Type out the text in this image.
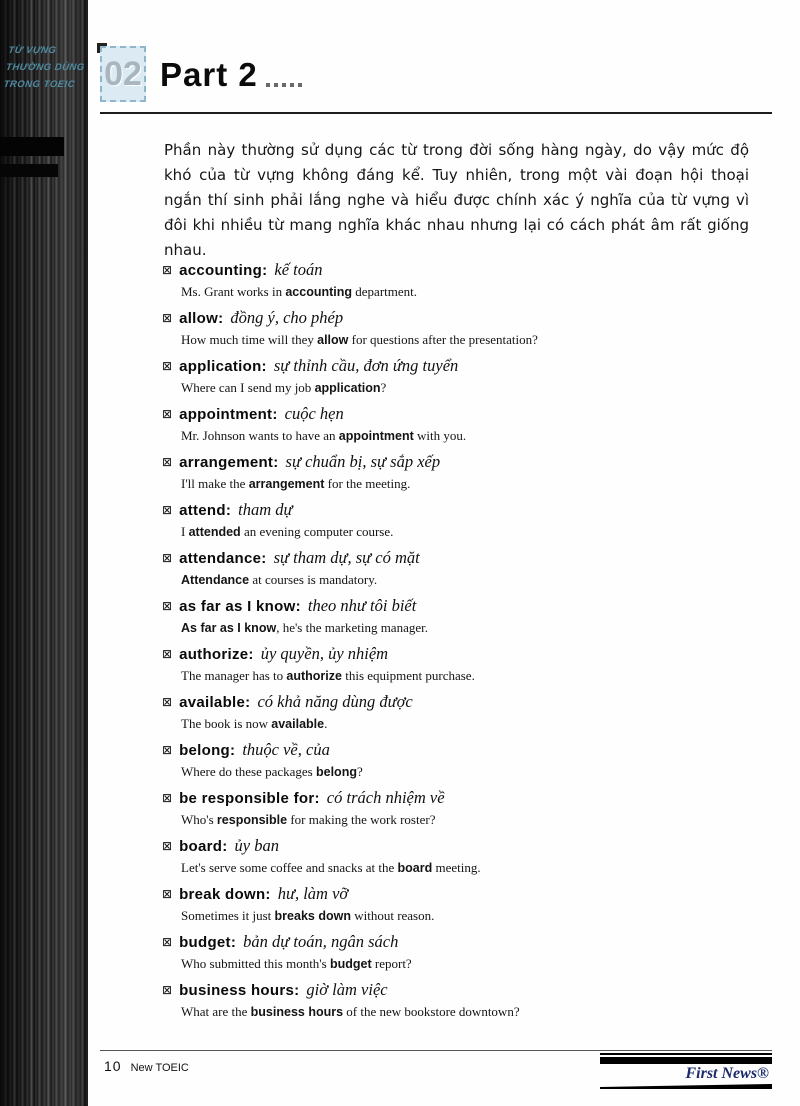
TỪ VỰNG
THƯỜNG DÙNG
TRONG TOEIC 02 Part 2
Phần này thường sử dụng các từ trong đời sống hàng ngày, do vậy mức độ khó của từ vựng không đáng kể. Tuy nhiên, trong một vài đoạn hội thoại ngắn thí sinh phải lắng nghe và hiểu được chính xác ý nghĩa của từ vựng vì đôi khi nhiều từ mang nghĩa khác nhau nhưng lại có cách phát âm rất giống nhau.
⊠ accounting: kế toán
Ms. Grant works in accounting department.
⊠ allow: đồng ý, cho phép
How much time will they allow for questions after the presentation?
⊠ application: sự thỉnh cầu, đơn ứng tuyển
Where can I send my job application?
⊠ appointment: cuộc hẹn
Mr. Johnson wants to have an appointment with you.
⊠ arrangement: sự chuẩn bị, sự sắp xếp
I'll make the arrangement for the meeting.
⊠ attend: tham dự
I attended an evening computer course.
⊠ attendance: sự tham dự, sự có mặt
Attendance at courses is mandatory.
⊠ as far as I know: theo như tôi biết
As far as I know, he's the marketing manager.
⊠ authorize: ủy quyền, ủy nhiệm
The manager has to authorize this equipment purchase.
⊠ available: có khả năng dùng được
The book is now available.
⊠ belong: thuộc về, của
Where do these packages belong?
⊠ be responsible for: có trách nhiệm về
Who's responsible for making the work roster?
⊠ board: ủy ban
Let's serve some coffee and snacks at the board meeting.
⊠ break down: hư, làm vỡ
Sometimes it just breaks down without reason.
⊠ budget: bản dự toán, ngân sách
Who submitted this month's budget report?
⊠ business hours: giờ làm việc
What are the business hours of the new bookstore downtown?
10 New TOEIC	First News®
